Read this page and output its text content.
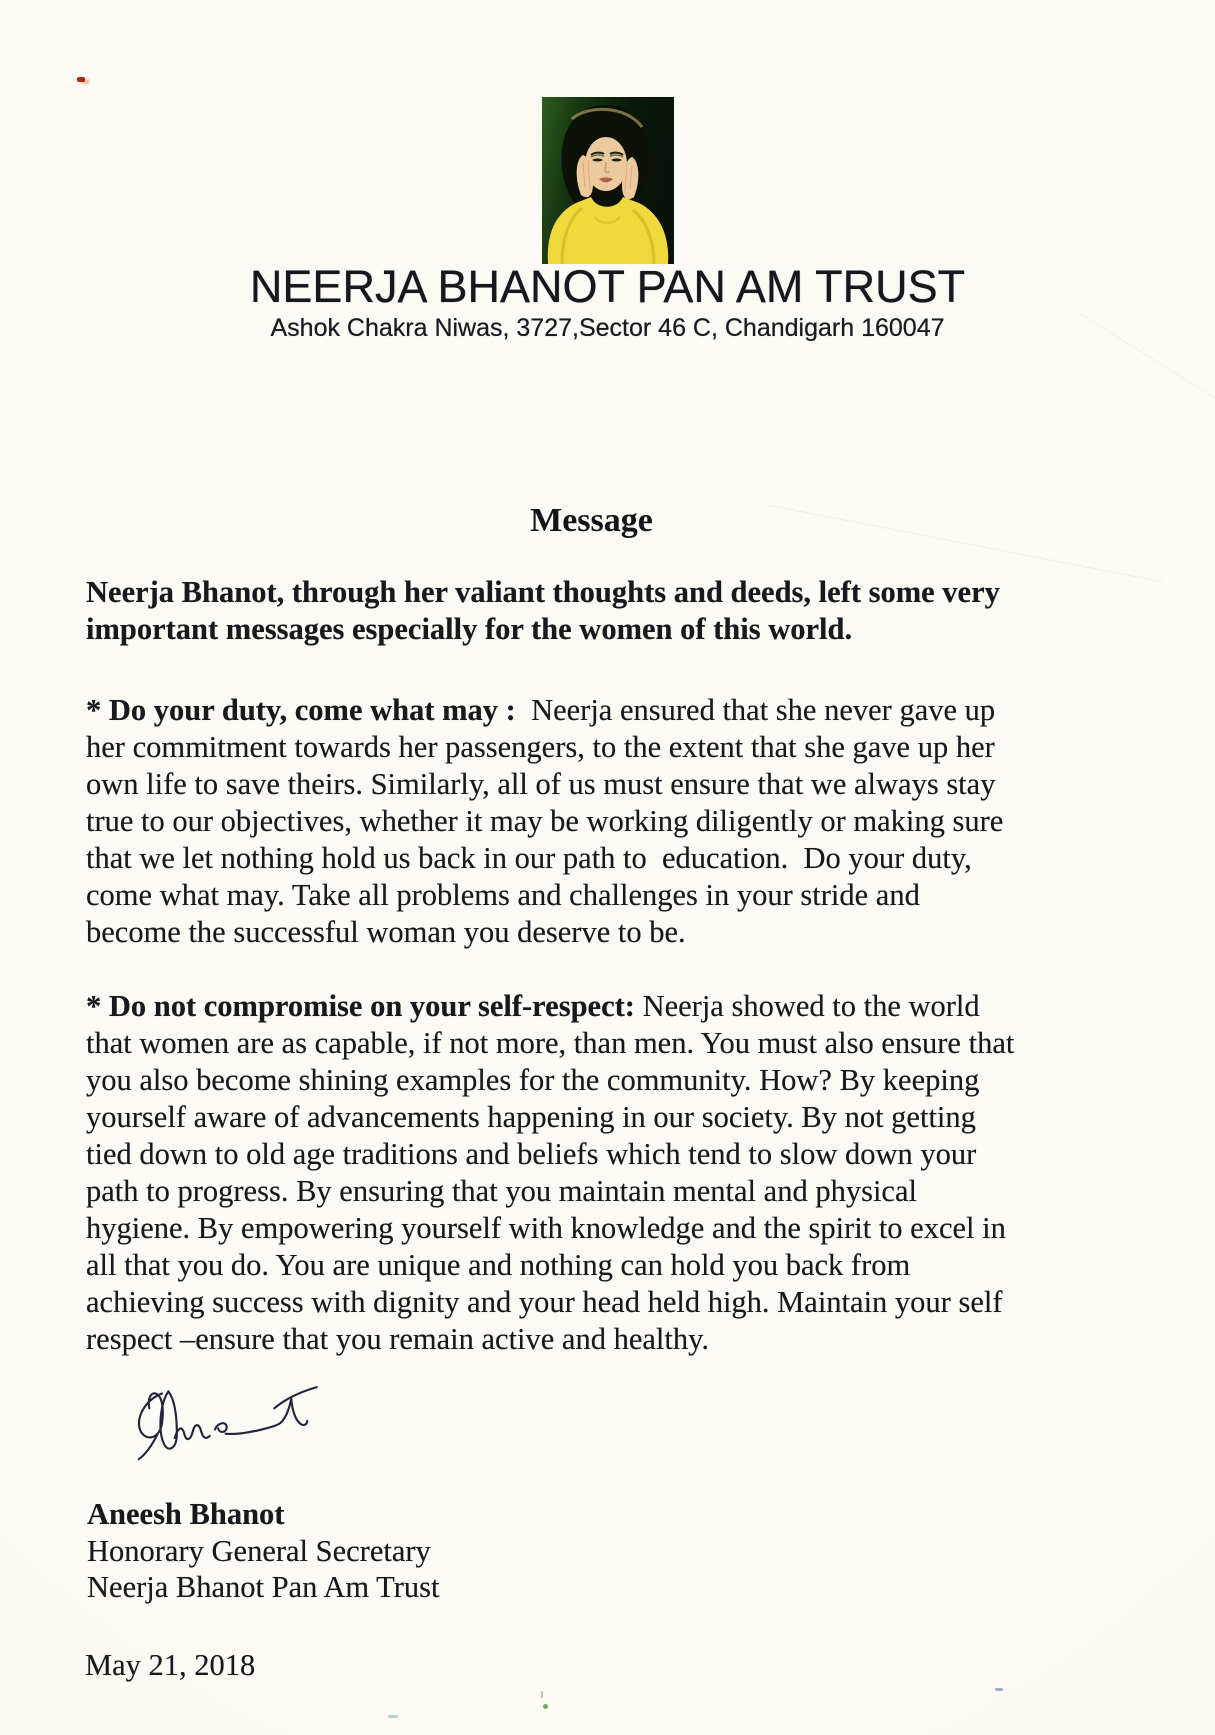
NEERJA BHANOT PAN AM TRUST
Ashok Chakra Niwas, 3727,Sector 46 C, Chandigarh 160047
Message
Neerja Bhanot, through her valiant thoughts and deeds, left some very important messages especially for the women of this world.
* Do your duty, come what may :  Neerja ensured that she never gave up her commitment towards her passengers, to the extent that she gave up her own life to save theirs. Similarly, all of us must ensure that we always stay true to our objectives, whether it may be working diligently or making sure that we let nothing hold us back in our path to  education.  Do your duty, come what may. Take all problems and challenges in your stride and become the successful woman you deserve to be.
* Do not compromise on your self-respect: Neerja showed to the world that women are as capable, if not more, than men. You must also ensure that you also become shining examples for the community. How? By keeping yourself aware of advancements happening in our society. By not getting tied down to old age traditions and beliefs which tend to slow down your path to progress. By ensuring that you maintain mental and physical hygiene. By empowering yourself with knowledge and the spirit to excel in all that you do. You are unique and nothing can hold you back from achieving success with dignity and your head held high. Maintain your self respect –ensure that you remain active and healthy.
Aneesh Bhanot
Honorary General Secretary
Neerja Bhanot Pan Am Trust
May 21, 2018
